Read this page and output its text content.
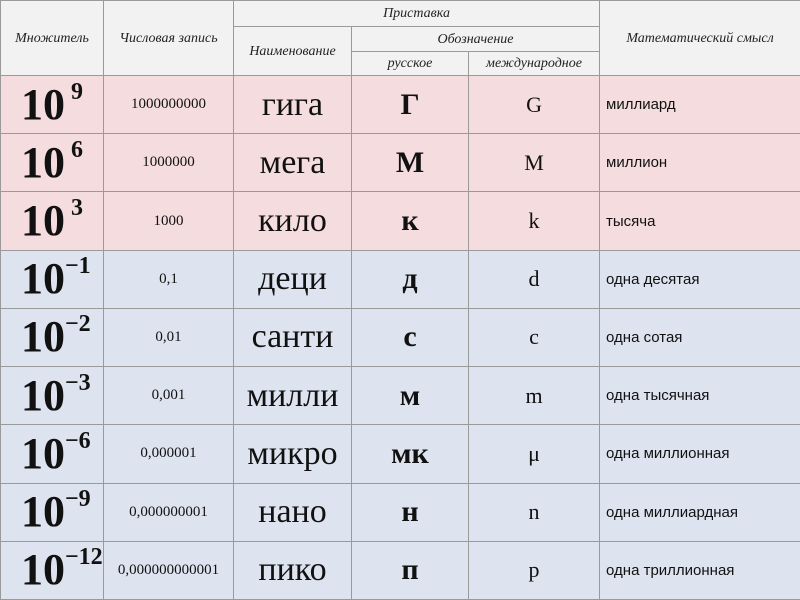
Множитель	Числовая запись	Приставка			Математический смысл
		Наименование	Обозначение		
			русское	международное	
10 $^9$	1000000000	гига	Г	G	миллиард
10 $^6$	1000000	мега	М	M	миллион
10 $^3$	1000	кило	к	k	тысяча
$10^{-1}$	0,1	деци	д	d	одна десятая
$10^{-2}$	0,01	санти	с	c	одна сотая
$10^{-3}$	0,001	милли	м	m	одна тысячная
$10^{-6}$	0,000001	микро	мк	μ	одна миллионная
$10^{-9}$	0,000000001	нано	н	n	одна миллиардная
$10^{-12}$	0,000000000001	пико	п	p	одна триллионная
